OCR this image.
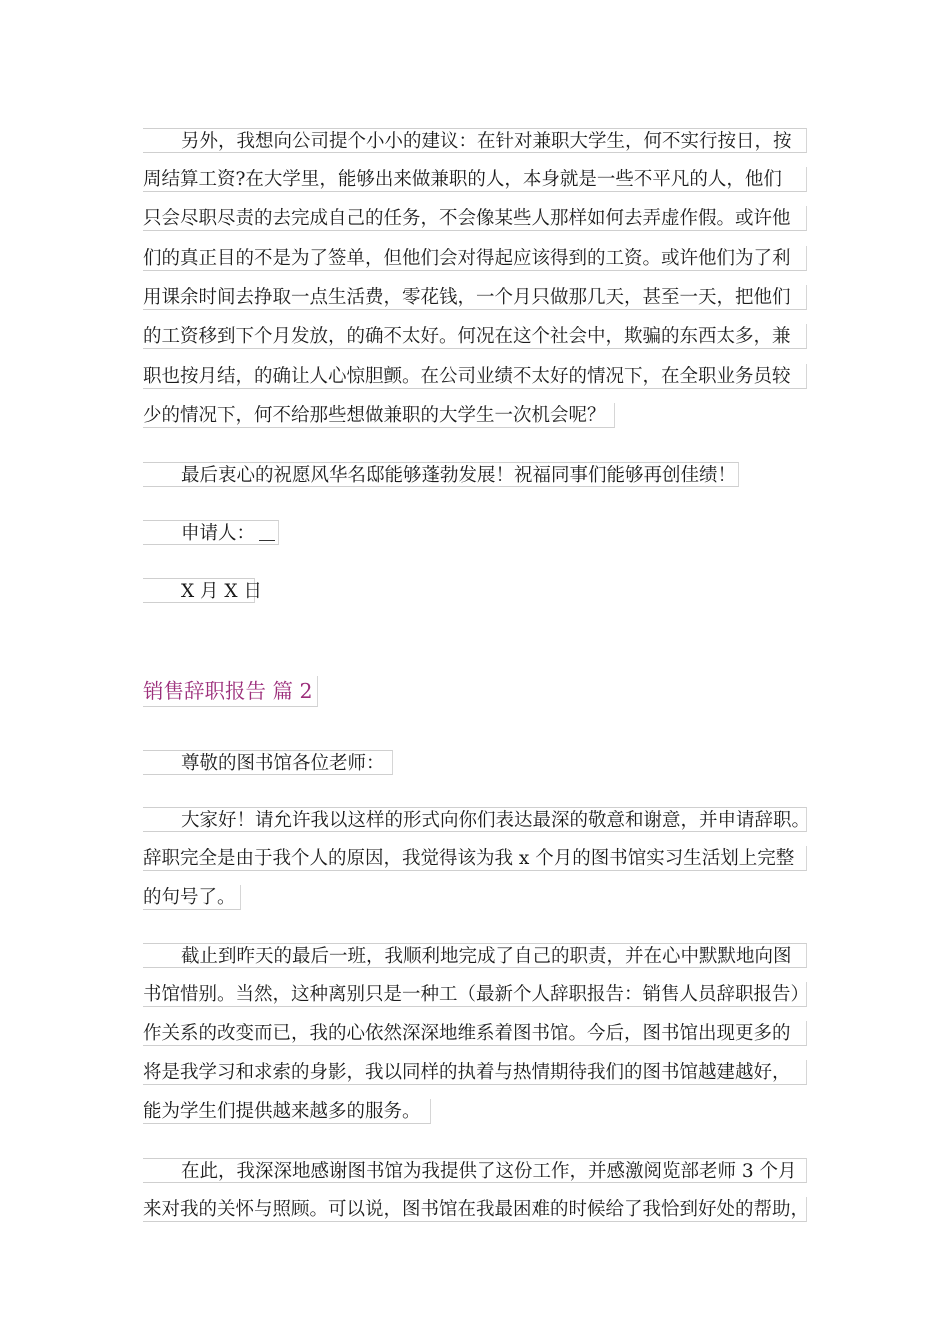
另外，我想向公司提个小小的建议：在针对兼职大学生，何不实行按日，按
周结算工资?在大学里，能够出来做兼职的人，本身就是一些不平凡的人，他们
只会尽职尽责的去完成自己的任务，不会像某些人那样如何去弄虚作假。或许他
们的真正目的不是为了签单，但他们会对得起应该得到的工资。或许他们为了利
用课余时间去挣取一点生活费，零花钱，一个月只做那几天，甚至一天，把他们
的工资移到下个月发放，的确不太好。何况在这个社会中，欺骗的东西太多，兼
职也按月结，的确让人心惊胆颤。在公司业绩不太好的情况下，在全职业务员较
少的情况下，何不给那些想做兼职的大学生一次机会呢？
最后衷心的祝愿风华名邸能够蓬勃发展！祝福同事们能够再创佳绩！
申请人：
X 月 X 日
销售辞职报告 篇 2
尊敬的图书馆各位老师：
大家好！请允许我以这样的形式向你们表达最深的敬意和谢意，并申请辞职。
辞职完全是由于我个人的原因，我觉得该为我 x 个月的图书馆实习生活划上完整
的句号了。
截止到昨天的最后一班，我顺利地完成了自己的职责，并在心中默默地向图
书馆惜别。当然，这种离别只是一种工（最新个人辞职报告：销售人员辞职报告）
作关系的改变而已，我的心依然深深地维系着图书馆。今后，图书馆出现更多的
将是我学习和求索的身影，我以同样的执着与热情期待我们的图书馆越建越好，
能为学生们提供越来越多的服务。
在此，我深深地感谢图书馆为我提供了这份工作，并感激阅览部老师 3 个月
来对我的关怀与照顾。可以说，图书馆在我最困难的时候给了我恰到好处的帮助，
